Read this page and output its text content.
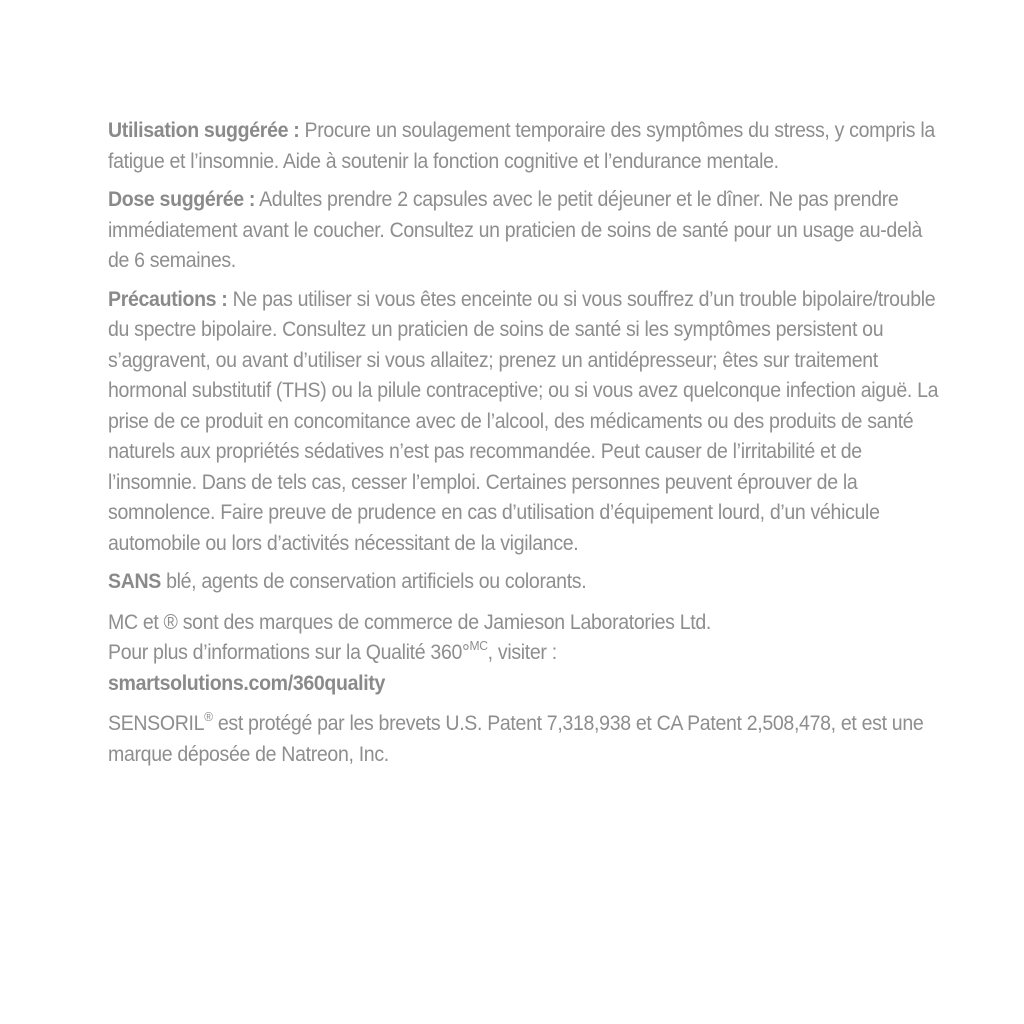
Utilisation suggérée : Procure un soulagement temporaire des symptômes du stress, y compris la fatigue et l’insomnie. Aide à soutenir la fonction cognitive et l’endurance mentale.

Dose suggérée : Adultes prendre 2 capsules avec le petit déjeuner et le dîner. Ne pas prendre immédiatement avant le coucher. Consultez un praticien de soins de santé pour un usage au-delà de 6 semaines.

Précautions : Ne pas utiliser si vous êtes enceinte ou si vous souffrez d’un trouble bipolaire/trouble du spectre bipolaire. Consultez un praticien de soins de santé si les symptômes persistent ou s’aggravent, ou avant d’utiliser si vous allaitez; prenez un antidépresseur; êtes sur traitement hormonal substitutif (THS) ou la pilule contraceptive; ou si vous avez quelconque infection aiguë. La prise de ce produit en concomitance avec de l’alcool, des médicaments ou des produits de santé naturels aux propriétés sédatives n’est pas recommandée. Peut causer de l’irritabilité et de l’insomnie. Dans de tels cas, cesser l’emploi. Certaines personnes peuvent éprouver de la somnolence. Faire preuve de prudence en cas d’utilisation d’équipement lourd, d’un véhicule automobile ou lors d’activités nécessitant de la vigilance.

SANS blé, agents de conservation artificiels ou colorants.

MC et ® sont des marques de commerce de Jamieson Laboratories Ltd.
Pour plus d’informations sur la Qualité 360°$^{MC}$, visiter :
smartsolutions.com/360quality

SENSORIL® est protégé par les brevets U.S. Patent 7,318,938 et CA Patent 2,508,478, et est une marque déposée de Natreon, Inc.
